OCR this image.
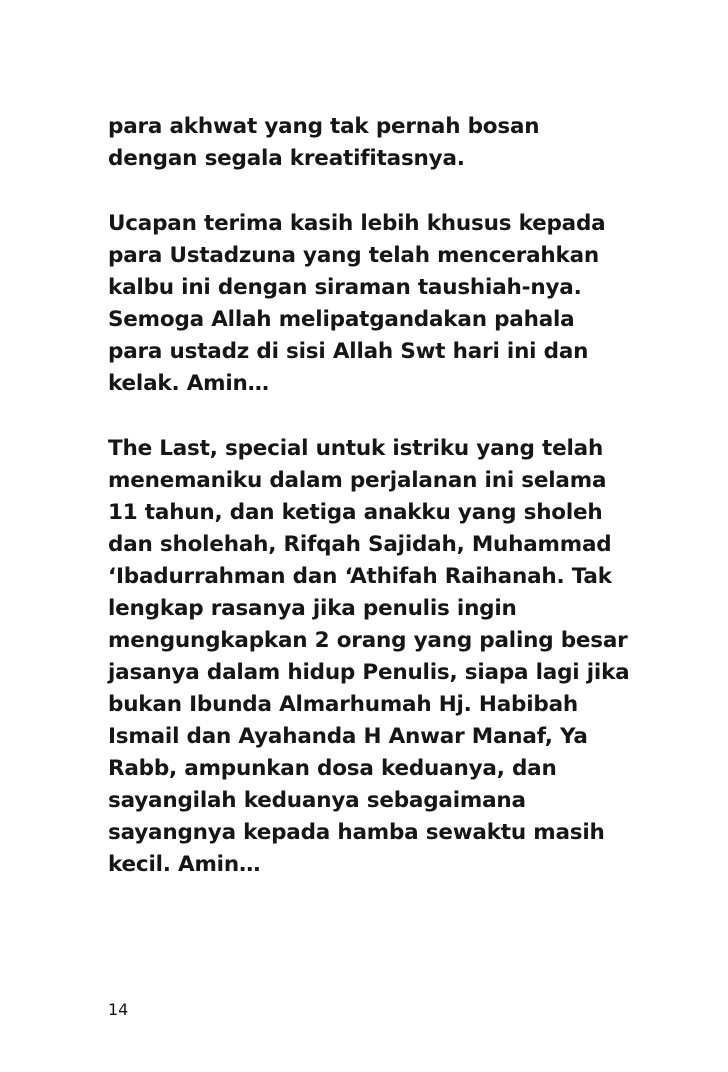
para akhwat yang tak pernah bosan
dengan segala kreatifitasnya.

Ucapan terima kasih lebih khusus kepada
para Ustadzuna yang telah mencerahkan
kalbu ini dengan siraman taushiah-nya.
Semoga Allah melipatgandakan pahala
para ustadz di sisi Allah Swt hari ini dan
kelak. Amin…

The Last, special untuk istriku yang telah
menemaniku dalam perjalanan ini selama
11 tahun, dan ketiga anakku yang sholeh
dan sholehah, Rifqah Sajidah, Muhammad
‘Ibadurrahman dan ‘Athifah Raihanah. Tak
lengkap rasanya jika penulis ingin
mengungkapkan 2 orang yang paling besar
jasanya dalam hidup Penulis, siapa lagi jika
bukan Ibunda Almarhumah Hj. Habibah
Ismail dan Ayahanda H Anwar Manaf, Ya
Rabb, ampunkan dosa keduanya, dan
sayangilah keduanya sebagaimana
sayangnya kepada hamba sewaktu masih
kecil. Amin…

14
